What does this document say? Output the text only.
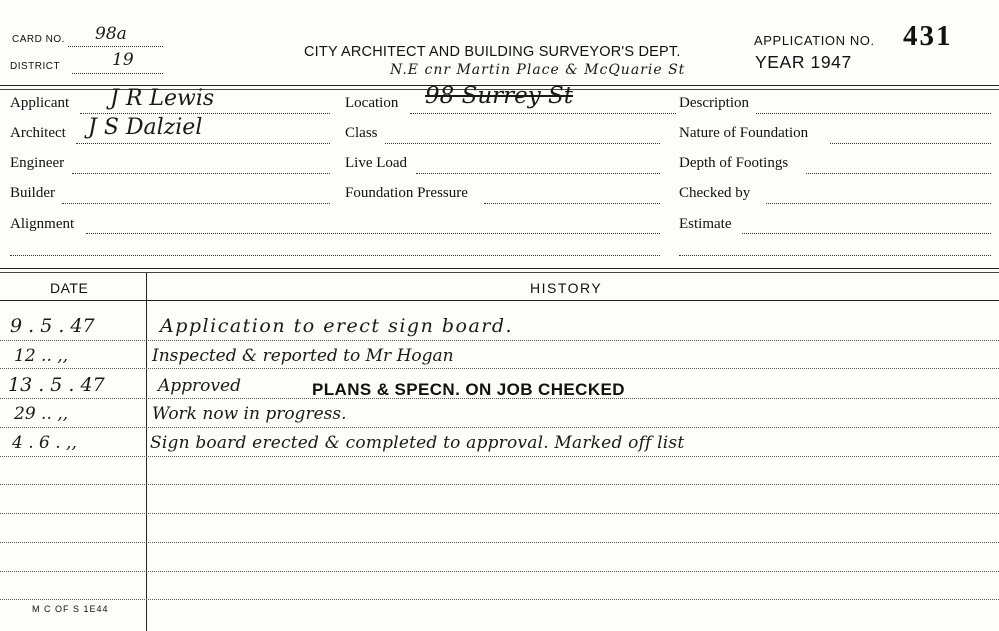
CARD NO. 98a
DISTRICT	19	CITY ARCHITECT AND BUILDING SURVEYOR'S DEPT.
N.E cnr Martin Place & McQuarie St
APPLICATION NO. 431
YEAR 1947
Applicant J R Lewis
Architect J S Dalziel
Engineer
Builder
Alignment
Location 98 Surrey St
Class
Live Load
Foundation Pressure
Description
Nature of Foundation
Depth of Footings
Checked by
Estimate
DATE	HISTORY
9 . 5 . 47	Application to erect sign board.
12 .. ,,	Inspected & reported to Mr Hogan
13 . 5 . 47	Approved	PLANS & SPECN. ON JOB CHECKED
29 .. ,,	Work now in progress.
4 . 6 . ,,	Sign board erected & completed to approval. Marked off list
M C OF S 1E44
